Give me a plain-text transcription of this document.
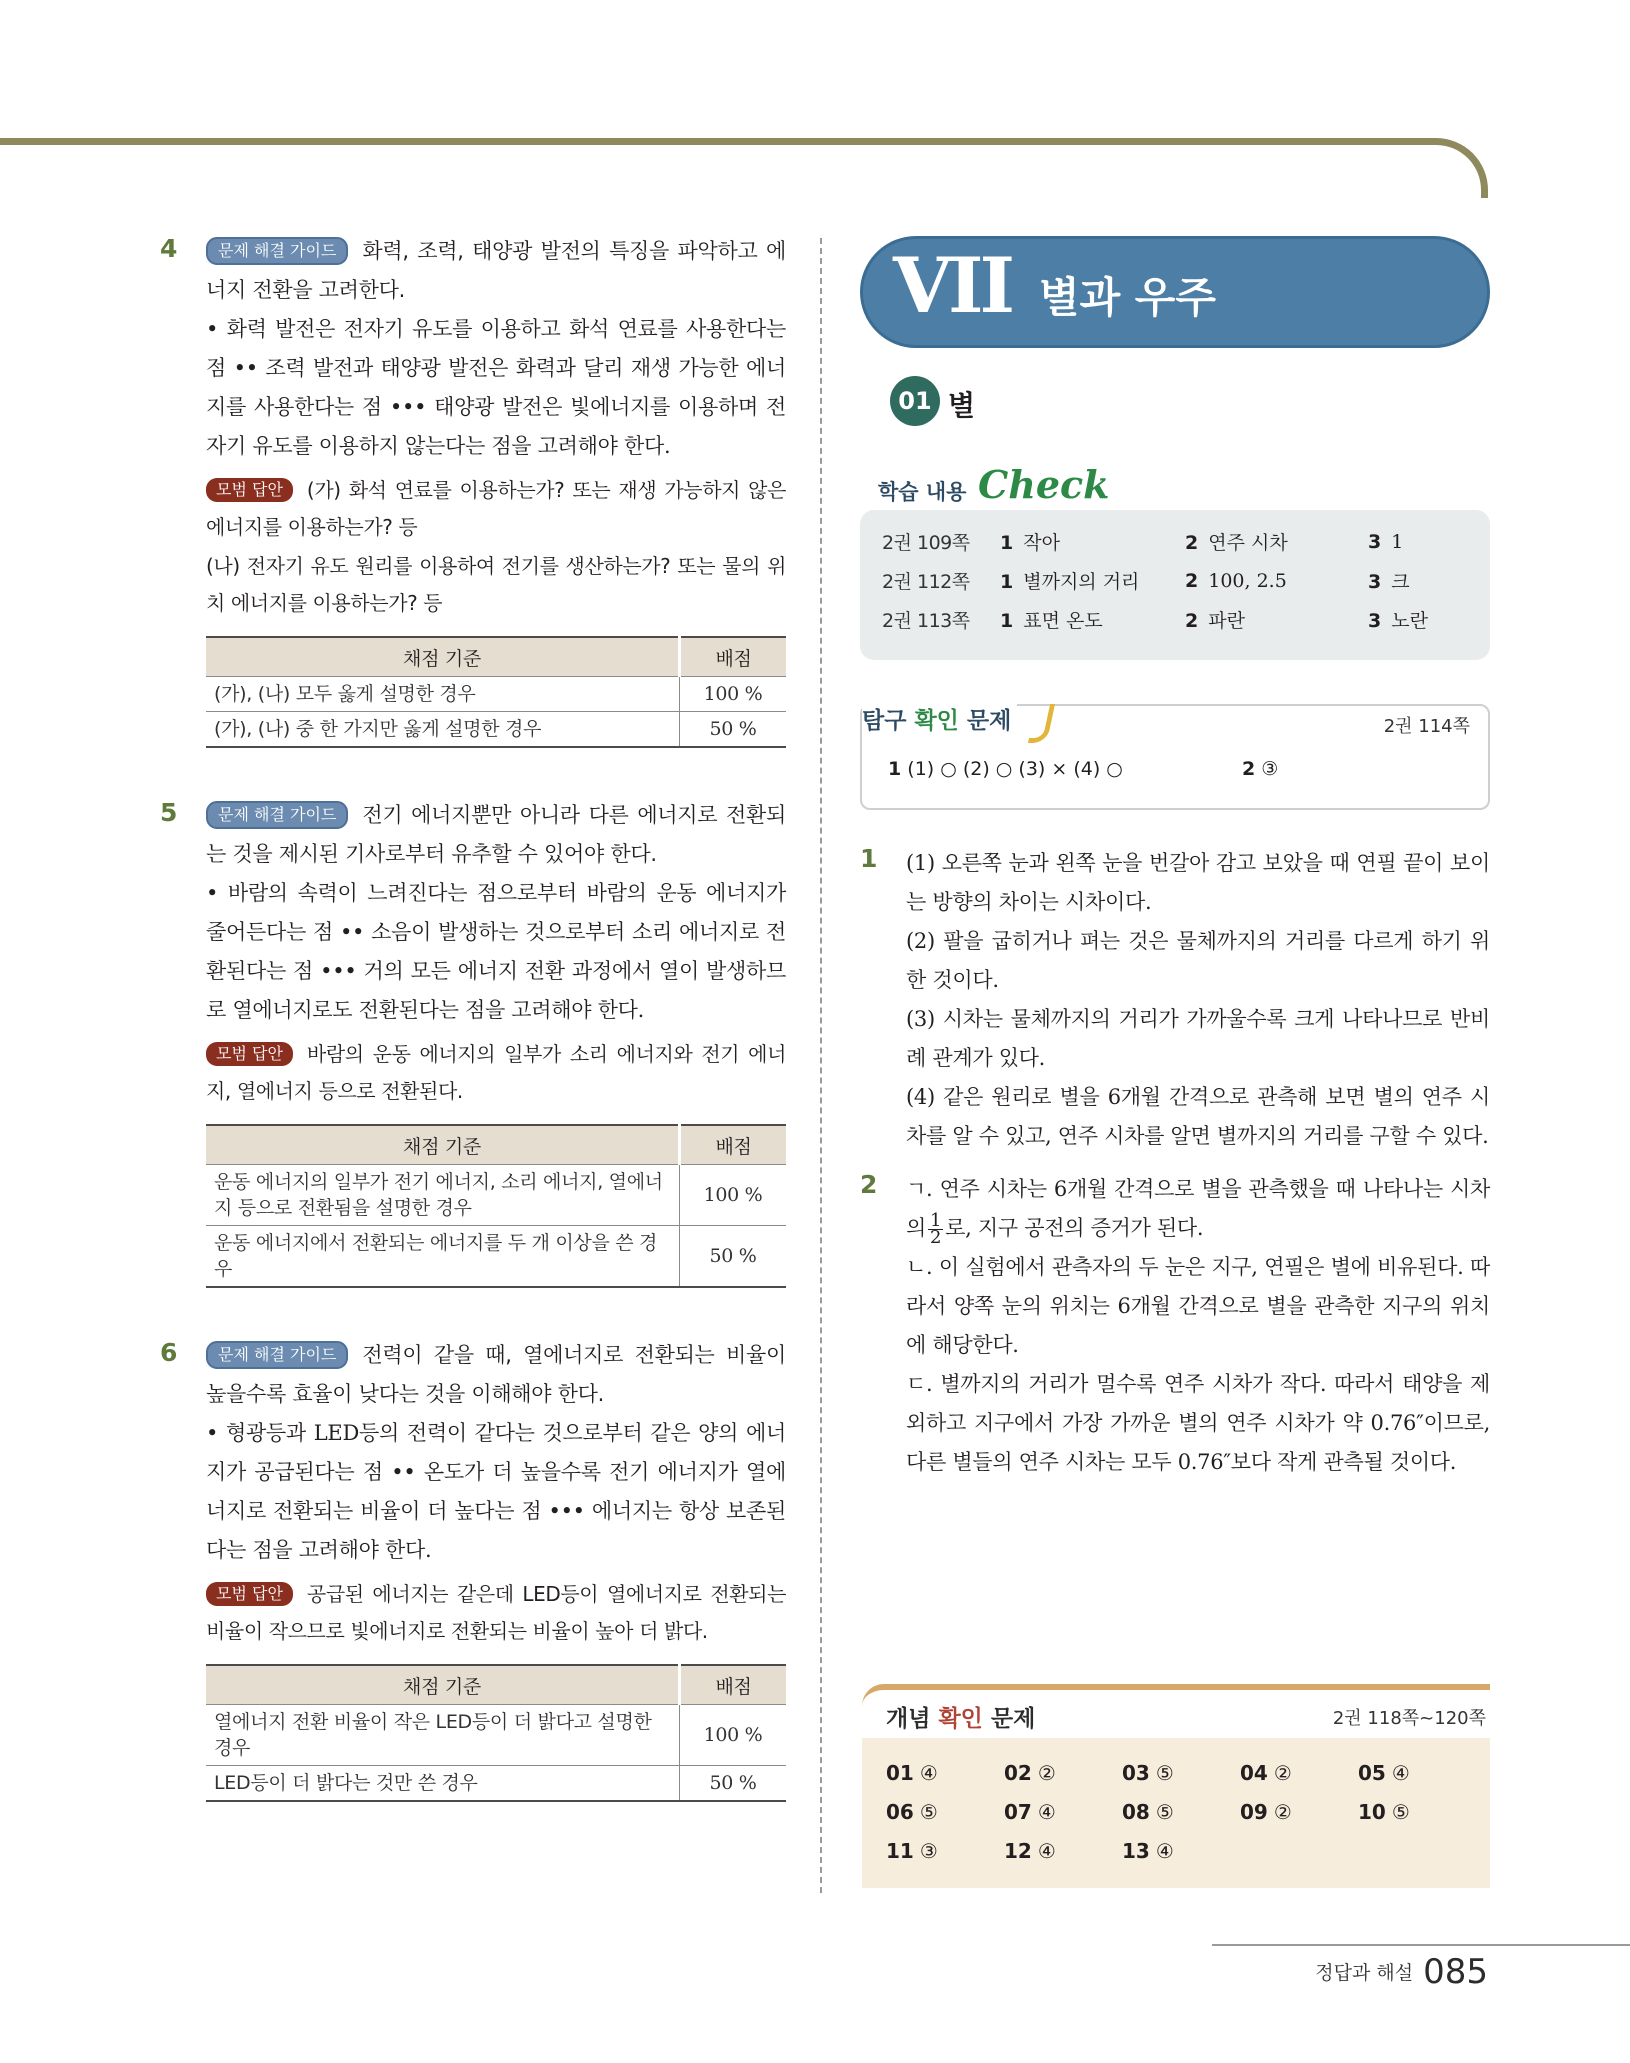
4	문제 해결 가이드 화력, 조력, 태양광 발전의 특징을 파악하고 에너지 전환을 고려한다.
• 화력 발전은 전자기 유도를 이용하고 화석 연료를 사용한다는 점 •• 조력 발전과 태양광 발전은 화력과 달리 재생 가능한 에너지를 사용한다는 점 ••• 태양광 발전은 빛에너지를 이용하며 전자기 유도를 이용하지 않는다는 점을 고려해야 한다.
모범 답안 (가) 화석 연료를 이용하는가? 또는 재생 가능하지 않은 에너지를 이용하는가? 등
(나) 전자기 유도 원리를 이용하여 전기를 생산하는가? 또는 물의 위치 에너지를 이용하는가? 등
채점 기준	배점
(가), (나) 모두 옳게 설명한 경우	100 %
(가), (나) 중 한 가지만 옳게 설명한 경우	50 %
5	문제 해결 가이드 전기 에너지뿐만 아니라 다른 에너지로 전환되는 것을 제시된 기사로부터 유추할 수 있어야 한다.
• 바람의 속력이 느려진다는 점으로부터 바람의 운동 에너지가 줄어든다는 점 •• 소음이 발생하는 것으로부터 소리 에너지로 전환된다는 점 ••• 거의 모든 에너지 전환 과정에서 열이 발생하므로 열에너지로도 전환된다는 점을 고려해야 한다.
모범 답안 바람의 운동 에너지의 일부가 소리 에너지와 전기 에너지, 열에너지 등으로 전환된다.
채점 기준	배점
운동 에너지의 일부가 전기 에너지, 소리 에너지, 열에너지 등으로 전환됨을 설명한 경우	100 %
운동 에너지에서 전환되는 에너지를 두 개 이상을 쓴 경우	50 %
6	문제 해결 가이드 전력이 같을 때, 열에너지로 전환되는 비율이 높을수록 효율이 낮다는 것을 이해해야 한다.
• 형광등과 LED등의 전력이 같다는 것으로부터 같은 양의 에너지가 공급된다는 점 •• 온도가 더 높을수록 전기 에너지가 열에너지로 전환되는 비율이 더 높다는 점 ••• 에너지는 항상 보존된다는 점을 고려해야 한다.
모범 답안 공급된 에너지는 같은데 LED등이 열에너지로 전환되는 비율이 작으므로 빛에너지로 전환되는 비율이 높아 더 밝다.
채점 기준	배점
열에너지 전환 비율이 작은 LED등이 더 밝다고 설명한 경우	100 %
LED등이 더 밝다는 것만 쓴 경우	50 %
VII 별과 우주
01 별
학습 내용 Check
2권 109쪽	1 작아	2 연주 시차	3 1
2권 112쪽	1 별까지의 거리	2 100, 2.5	3 크
2권 113쪽	1 표면 온도	2 파란	3 노란
탐구 확인 문제	2권 114쪽
1 (1) ○ (2) ○ (3) × (4) ○	2 ③
1 (1) 오른쪽 눈과 왼쪽 눈을 번갈아 감고 보았을 때 연필 끝이 보이는 방향의 차이는 시차이다.
(2) 팔을 굽히거나 펴는 것은 물체까지의 거리를 다르게 하기 위한 것이다.
(3) 시차는 물체까지의 거리가 가까울수록 크게 나타나므로 반비례 관계가 있다.
(4) 같은 원리로 별을 6개월 간격으로 관측해 보면 별의 연주 시차를 알 수 있고, 연주 시차를 알면 별까지의 거리를 구할 수 있다.
2 ㄱ. 연주 시차는 6개월 간격으로 별을 관측했을 때 나타나는 시차의 $\frac{1}{2}$ 로, 지구 공전의 증거가 된다.
ㄴ. 이 실험에서 관측자의 두 눈은 지구, 연필은 별에 비유된다. 따라서 양쪽 눈의 위치는 6개월 간격으로 별을 관측한 지구의 위치에 해당한다.
ㄷ. 별까지의 거리가 멀수록 연주 시차가 작다. 따라서 태양을 제외하고 지구에서 가장 가까운 별의 연주 시차가 약 0.76″이므로, 다른 별들의 연주 시차는 모두 0.76″보다 작게 관측될 것이다.
개념 확인 문제	2권 118쪽~120쪽
01 ④	02 ②	03 ⑤	04 ②	05 ④
06 ⑤	07 ④	08 ⑤	09 ②	10 ⑤
11 ③	12 ④	13 ④
정답과 해설 085
